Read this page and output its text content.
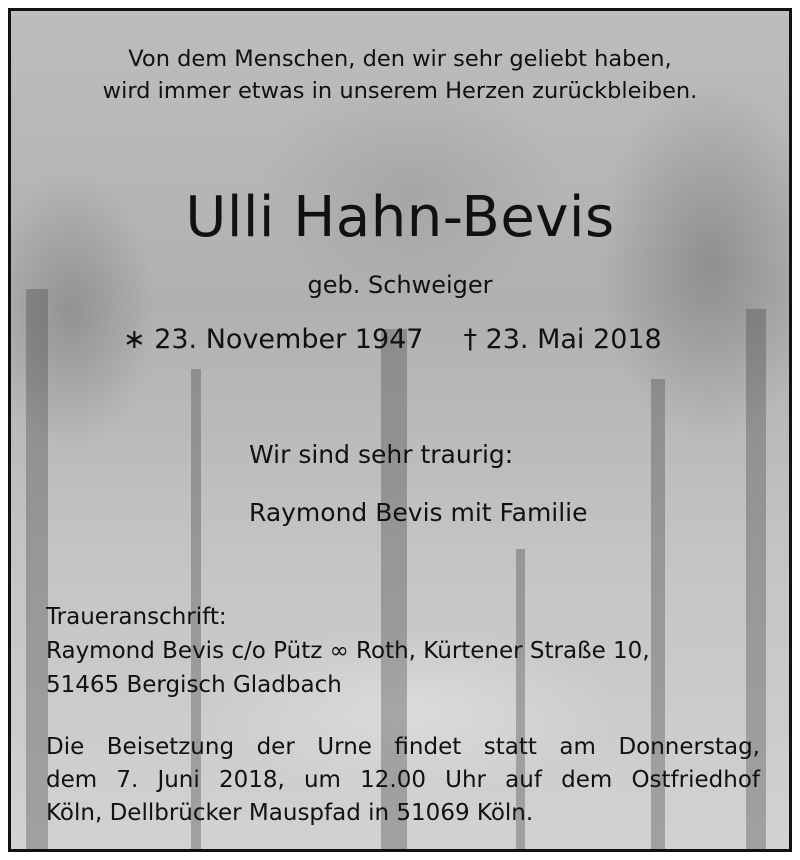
Von dem Menschen, den wir sehr geliebt haben,
wird immer etwas in unserem Herzen zurückbleiben.

Ulli Hahn-Bevis

geb. Schweiger

∗ 23. November 1947 † 23. Mai 2018

Wir sind sehr traurig:

Raymond Bevis mit Familie

Traueranschrift:
Raymond Bevis c/o Pütz ∞ Roth, Kürtener Straße 10,
51465 Bergisch Gladbach

Die Beisetzung der Urne findet statt am Donnerstag,
dem 7. Juni 2018, um 12.00 Uhr auf dem Ostfriedhof
Köln, Dellbrücker Mauspfad in 51069 Köln.
